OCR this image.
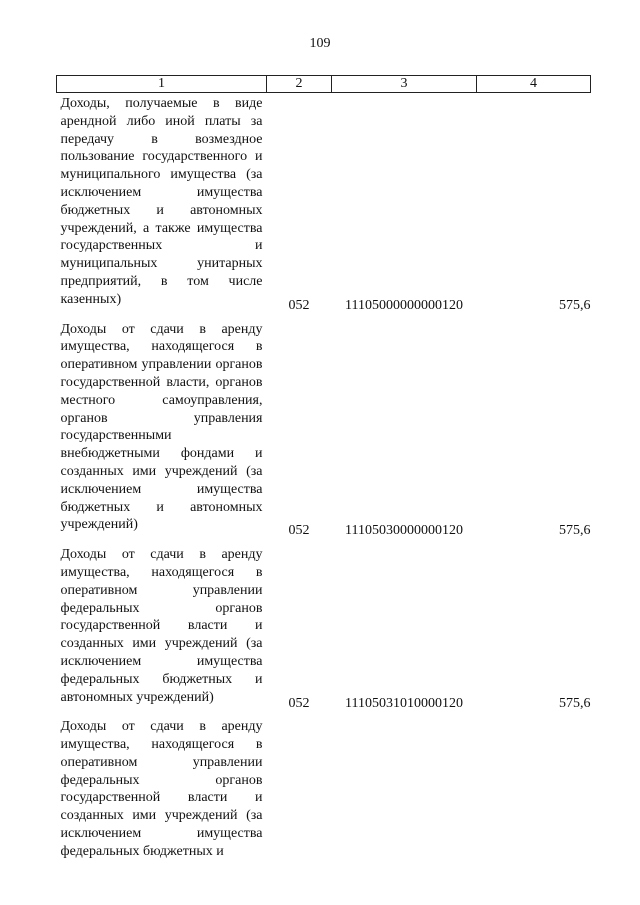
109
1	2	3	4
Доходы, получаемые в виде арендной либо иной платы за передачу в возмездное пользование государственного и муниципального имущества (за исключением имущества бюджетных и автономных учреждений, а также имущества государственных и муниципальных унитарных предприятий, в том числе казенных)	052	11105000000000120	575,6
Доходы от сдачи в аренду имущества, находящегося в оперативном управлении органов государственной власти, органов местного самоуправления, органов управления государственными внебюджетными фондами и созданных ими учреждений (за исключением имущества бюджетных и автономных учреждений)	052	11105030000000120	575,6
Доходы от сдачи в аренду имущества, находящегося в оперативном управлении федеральных органов государственной власти и созданных ими учреждений (за исключением имущества федеральных бюджетных и автономных учреждений)	052	11105031010000120	575,6
Доходы от сдачи в аренду имущества, находящегося в оперативном управлении федеральных органов государственной власти и созданных ими учреждений (за исключением имущества федеральных бюджетных и			
